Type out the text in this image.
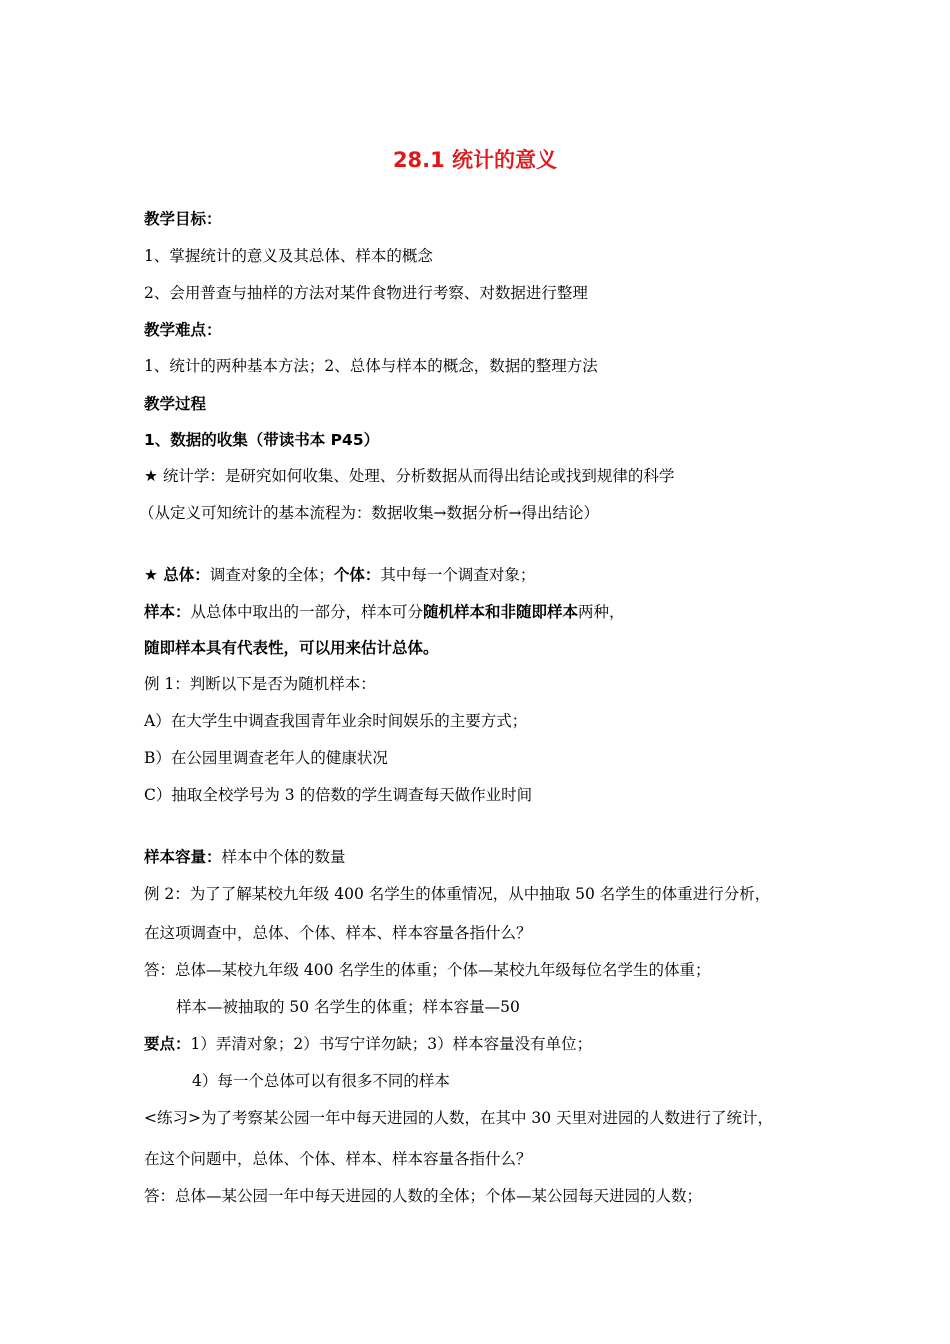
28.1 统计的意义
教学目标：
1、掌握统计的意义及其总体、样本的概念
2、会用普查与抽样的方法对某件食物进行考察、对数据进行整理
教学难点：
1、统计的两种基本方法；2、总体与样本的概念，数据的整理方法
教学过程
1、数据的收集（带读书本 P45）
★ 统计学：是研究如何收集、处理、分析数据从而得出结论或找到规律的科学
（从定义可知统计的基本流程为：数据收集→数据分析→得出结论）
★ 总体：调查对象的全体；个体：其中每一个调查对象；
样本：从总体中取出的一部分，样本可分随机样本和非随即样本两种，
随即样本具有代表性，可以用来估计总体。
例 1：判断以下是否为随机样本：
A）在大学生中调查我国青年业余时间娱乐的主要方式；
B）在公园里调查老年人的健康状况
C）抽取全校学号为 3 的倍数的学生调查每天做作业时间
样本容量：样本中个体的数量
例 2：为了了解某校九年级 400 名学生的体重情况，从中抽取 50 名学生的体重进行分析，
在这项调查中，总体、个体、样本、样本容量各指什么？
答：总体—某校九年级 400 名学生的体重；个体—某校九年级每位名学生的体重；
样本—被抽取的 50 名学生的体重；样本容量—50
要点：1）弄清对象；2）书写宁详勿缺；3）样本容量没有单位；
4）每一个总体可以有很多不同的样本
<练习>为了考察某公园一年中每天进园的人数，在其中 30 天里对进园的人数进行了统计，
在这个问题中，总体、个体、样本、样本容量各指什么？
答：总体—某公园一年中每天进园的人数的全体；个体—某公园每天进园的人数；
